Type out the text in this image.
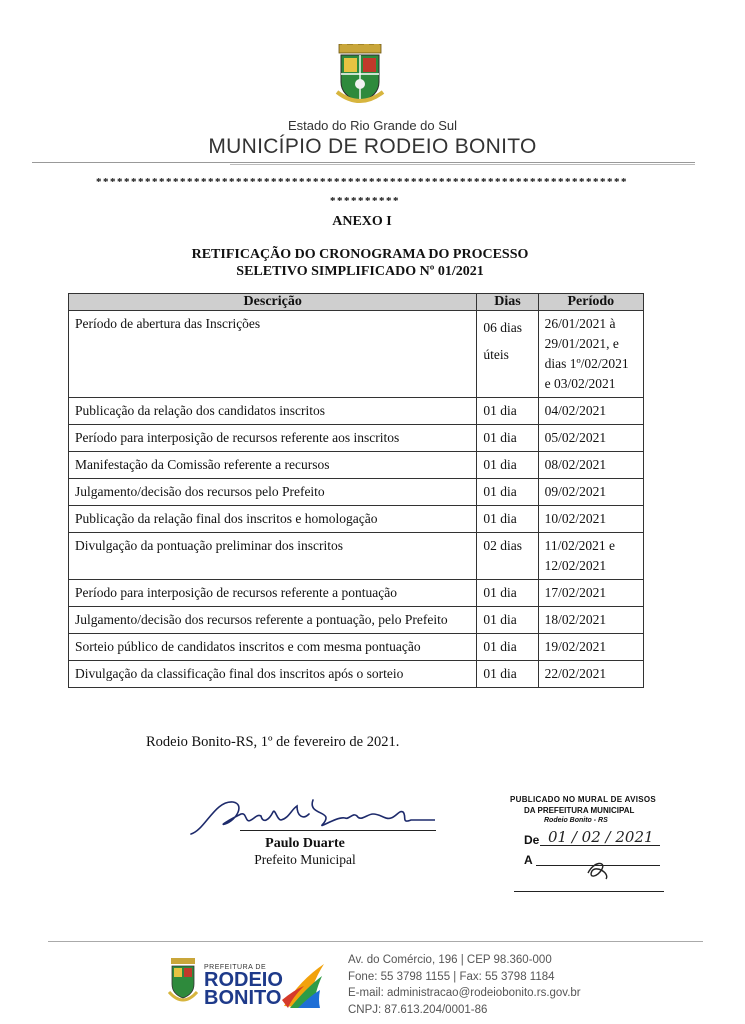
Estado do Rio Grande do Sul
MUNICÍPIO DE RODEIO BONITO
****************************************************************************
**********
ANEXO I
RETIFICAÇÃO DO CRONOGRAMA DO PROCESSO
SELETIVO SIMPLIFICADO Nº 01/2021
Descrição	Dias	Período
Período de abertura das Inscrições	06 dias úteis	26/01/2021 à 29/01/2021, e dias 1º/02/2021 e 03/02/2021
Publicação da relação dos candidatos inscritos	01 dia	04/02/2021
Período para interposição de recursos referente aos inscritos	01 dia	05/02/2021
Manifestação da Comissão referente a recursos	01 dia	08/02/2021
Julgamento/decisão dos recursos pelo Prefeito	01 dia	09/02/2021
Publicação da relação final dos inscritos e homologação	01 dia	10/02/2021
Divulgação da pontuação preliminar dos inscritos	02 dias	11/02/2021 e 12/02/2021
Período para interposição de recursos referente a pontuação	01 dia	17/02/2021
Julgamento/decisão dos recursos referente a pontuação, pelo Prefeito	01 dia	18/02/2021
Sorteio público de candidatos inscritos e com mesma pontuação	01 dia	19/02/2021
Divulgação da classificação final dos inscritos após o sorteio	01 dia	22/02/2021
Rodeio Bonito-RS, 1º de fevereiro de 2021.
Paulo Duarte
Prefeito Municipal
PUBLICADO NO MURAL DE AVISOS
DA PREFEITURA MUNICIPAL
Rodeio Bonito - RS
De 01 / 02 / 2021
A
PREFEITURA DE
RODEIO
BONITO
Av. do Comércio, 196 | CEP 98.360-000
Fone: 55 3798 1155 | Fax: 55 3798 1184
E-mail: administracao@rodeiobonito.rs.gov.br
CNPJ: 87.613.204/0001-86
